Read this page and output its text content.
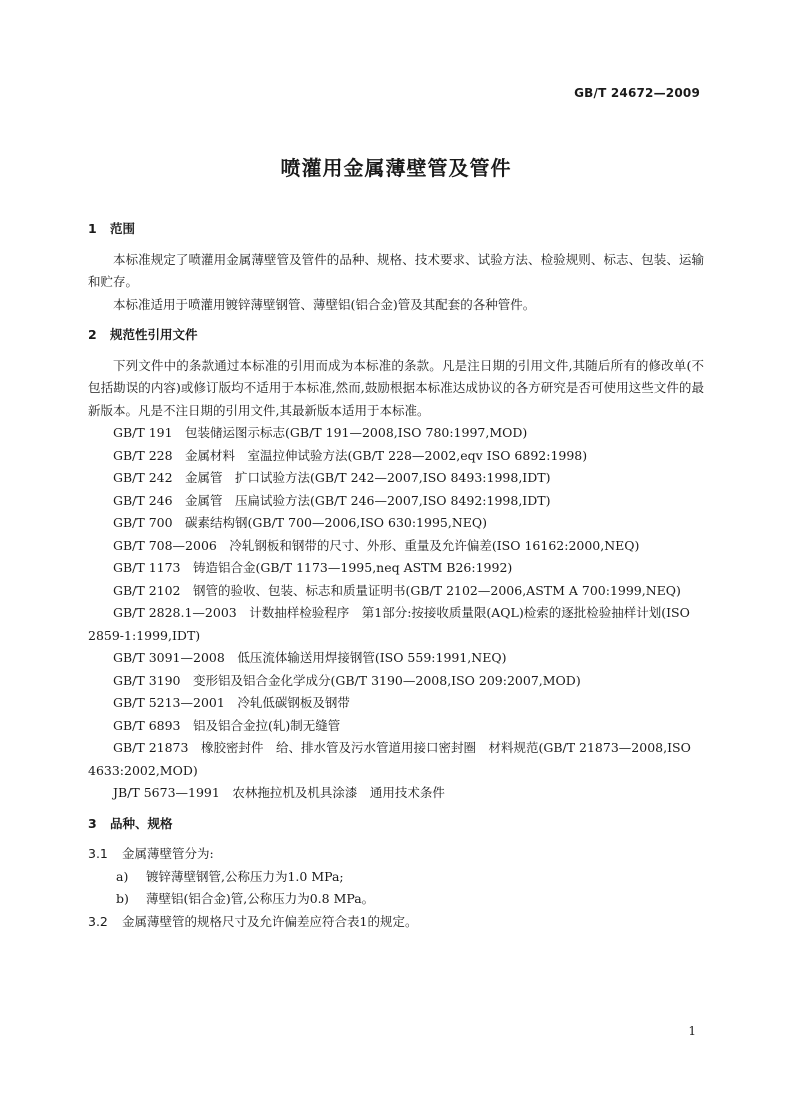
GB/T 24672—2009
喷灌用金属薄壁管及管件

1 范围

本标准规定了喷灌用金属薄壁管及管件的品种、规格、技术要求、试验方法、检验规则、标志、包装、运输和贮存。

本标准适用于喷灌用镀锌薄壁钢管、薄壁铝(铝合金)管及其配套的各种管件。

2 规范性引用文件

下列文件中的条款通过本标准的引用而成为本标准的条款。凡是注日期的引用文件,其随后所有的修改单(不包括勘误的内容)或修订版均不适用于本标准,然而,鼓励根据本标准达成协议的各方研究是否可使用这些文件的最新版本。凡是不注日期的引用文件,其最新版本适用于本标准。

GB/T 191　包装储运图示标志(GB/T 191—2008,ISO 780:1997,MOD)

GB/T 228　金属材料　室温拉伸试验方法(GB/T 228—2002,eqv ISO 6892:1998)

GB/T 242　金属管　扩口试验方法(GB/T 242—2007,ISO 8493:1998,IDT)

GB/T 246　金属管　压扁试验方法(GB/T 246—2007,ISO 8492:1998,IDT)

GB/T 700　碳素结构钢(GB/T 700—2006,ISO 630:1995,NEQ)

GB/T 708—2006　冷轧钢板和钢带的尺寸、外形、重量及允许偏差(ISO 16162:2000,NEQ)

GB/T 1173　铸造铝合金(GB/T 1173—1995,neq ASTM B26:1992)

GB/T 2102　钢管的验收、包装、标志和质量证明书(GB/T 2102—2006,ASTM A 700:1999,NEQ)

GB/T 2828.1—2003　计数抽样检验程序　第1部分:按接收质量限(AQL)检索的逐批检验抽样计划(ISO 2859-1:1999,IDT)

GB/T 3091—2008　低压流体输送用焊接钢管(ISO 559:1991,NEQ)

GB/T 3190　变形铝及铝合金化学成分(GB/T 3190—2008,ISO 209:2007,MOD)

GB/T 5213—2001　冷轧低碳钢板及钢带

GB/T 6893　铝及铝合金拉(轧)制无缝管

GB/T 21873　橡胶密封件　给、排水管及污水管道用接口密封圈　材料规范(GB/T 21873—2008,ISO 4633:2002,MOD)

JB/T 5673—1991　农林拖拉机及机具涂漆　通用技术条件

3 品种、规格

3.1 金属薄壁管分为:

a) 镀锌薄壁钢管,公称压力为1.0 MPa;

b) 薄壁铝(铝合金)管,公称压力为0.8 MPa。

3.2 金属薄壁管的规格尺寸及允许偏差应符合表1的规定。

1
